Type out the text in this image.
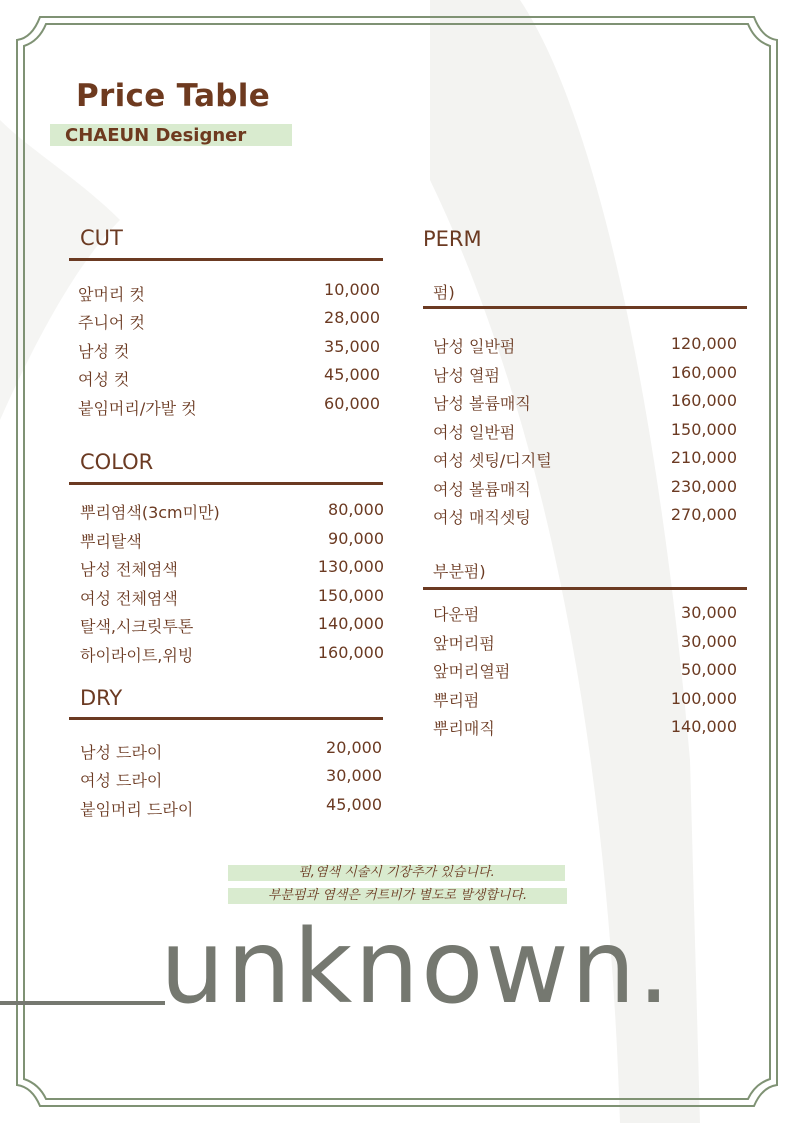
Price Table
CHAEUN Designer
CUT
앞머리 컷	10,000
주니어 컷	28,000
남성 컷	35,000
여성 컷	45,000
붙임머리/가발 컷	60,000
COLOR
뿌리염색(3cm미만)	80,000
뿌리탈색	90,000
남성 전체염색	130,000
여성 전체염색	150,000
탈색,시크릿투톤	140,000
하이라이트,위빙	160,000
DRY
남성 드라이	20,000
여성 드라이	30,000
붙임머리 드라이	45,000
PERM
펌)
남성 일반펌	120,000
남성 열펌	160,000
남성 볼륨매직	160,000
여성 일반펌	150,000
여성 셋팅/디지털	210,000
여성 볼륨매직	230,000
여성 매직셋팅	270,000
부분펌)
다운펌	30,000
앞머리펌	30,000
앞머리열펌	50,000
뿌리펌	100,000
뿌리매직	140,000
펌,염색 시술시 기장추가 있습니다.
부분펌과 염색은 커트비가 별도로 발생합니다.
unknown.
